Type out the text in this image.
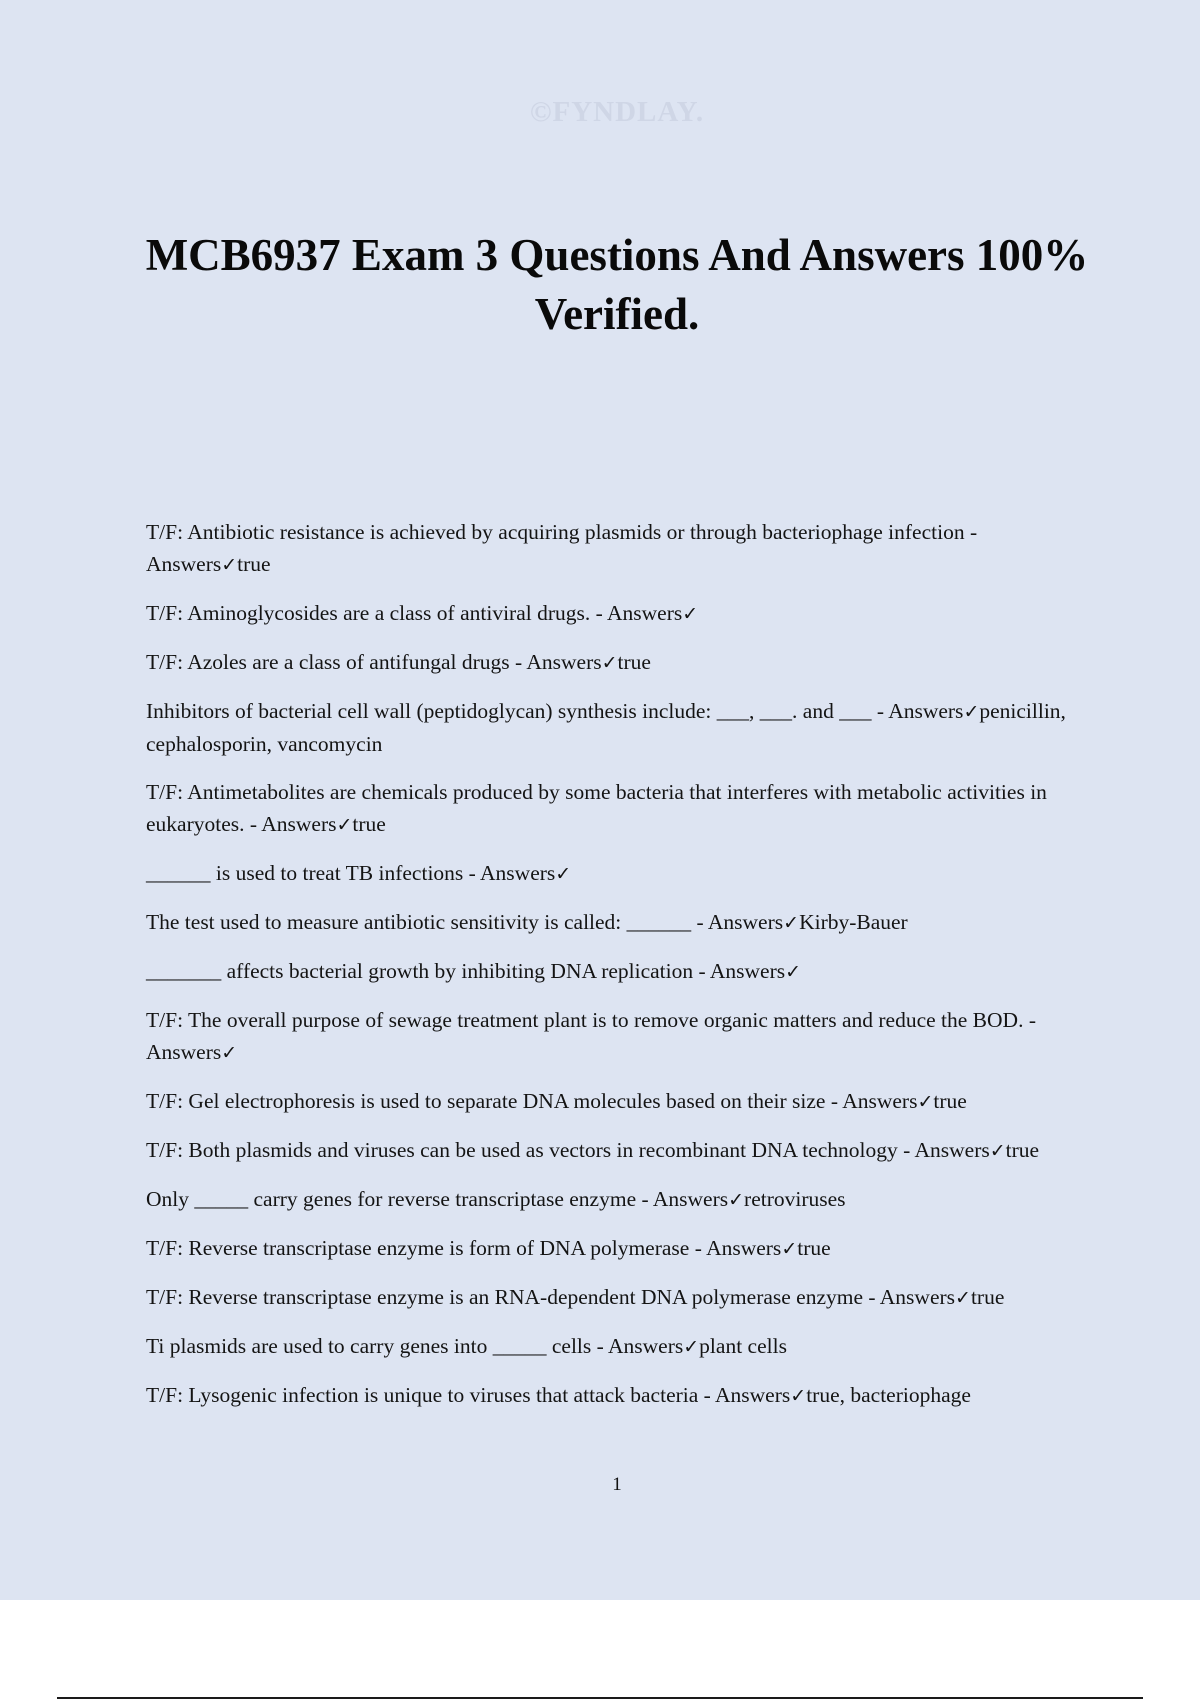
©FYNDLAY.
MCB6937 Exam 3 Questions And Answers 100% Verified.
T/F: Antibiotic resistance is achieved by acquiring plasmids or through bacteriophage infection - Answers✓true
T/F: Aminoglycosides are a class of antiviral drugs. - Answers✓
T/F: Azoles are a class of antifungal drugs - Answers✓true
Inhibitors of bacterial cell wall (peptidoglycan) synthesis include: ___, ___. and ___ - Answers✓penicillin, cephalosporin, vancomycin
T/F: Antimetabolites are chemicals produced by some bacteria that interferes with metabolic activities in eukaryotes. - Answers✓true
______ is used to treat TB infections - Answers✓
The test used to measure antibiotic sensitivity is called: ______ - Answers✓Kirby-Bauer
_______ affects bacterial growth by inhibiting DNA replication - Answers✓
T/F: The overall purpose of sewage treatment plant is to remove organic matters and reduce the BOD. - Answers✓
T/F: Gel electrophoresis is used to separate DNA molecules based on their size - Answers✓true
T/F: Both plasmids and viruses can be used as vectors in recombinant DNA technology - Answers✓true
Only _____ carry genes for reverse transcriptase enzyme - Answers✓retroviruses
T/F: Reverse transcriptase enzyme is form of DNA polymerase - Answers✓true
T/F: Reverse transcriptase enzyme is an RNA-dependent DNA polymerase enzyme - Answers✓true
Ti plasmids are used to carry genes into _____ cells - Answers✓plant cells
T/F: Lysogenic infection is unique to viruses that attack bacteria - Answers✓true, bacteriophage
1
